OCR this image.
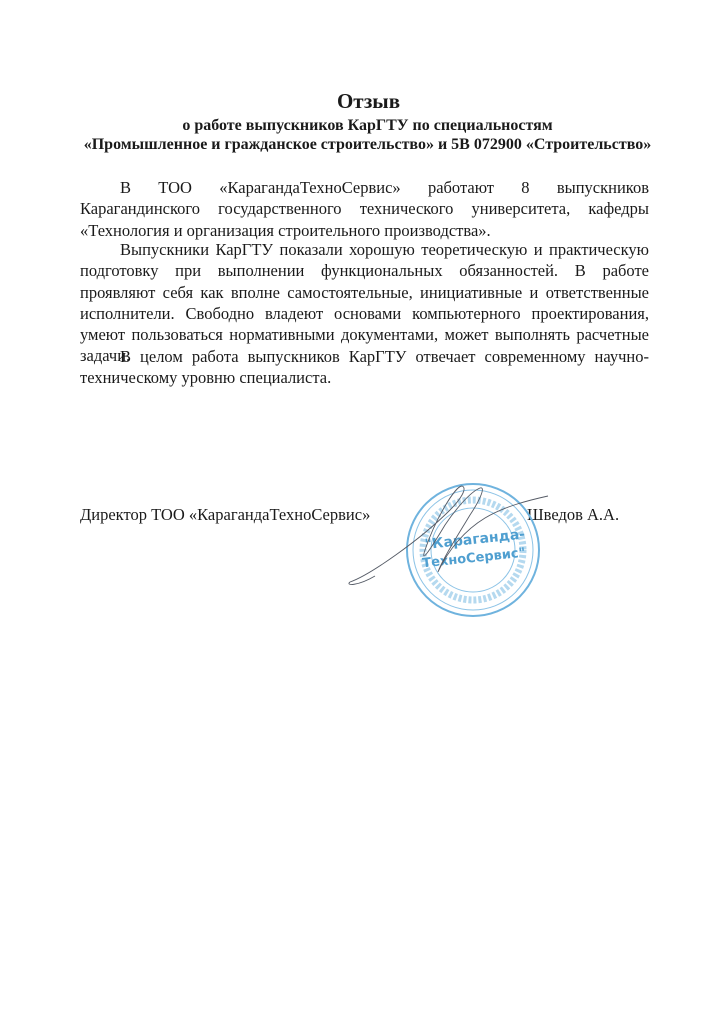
Отзыв
о работе выпускников КарГТУ по специальностям
«Промышленное и гражданское строительство» и 5В 072900 «Строительство»

В ТОО «КарагандаТехноСервис» работают 8 выпускников Карагандинского государственного технического университета, кафедры «Технология и организация строительного производства».

Выпускники КарГТУ показали хорошую теоретическую и практическую подготовку при выполнении функциональных обязанностей. В работе проявляют себя как вполне самостоятельные, инициативные и ответственные исполнители. Свободно владеют основами компьютерного проектирования, умеют пользоваться нормативными документами, может выполнять расчетные задачи.

В целом работа выпускников КарГТУ отвечает современному научно-техническому уровню специалиста.

Директор ТОО «КарагандаТехноСервис»	Шведов А.А.
"Караганда-
ТехноСервис"
